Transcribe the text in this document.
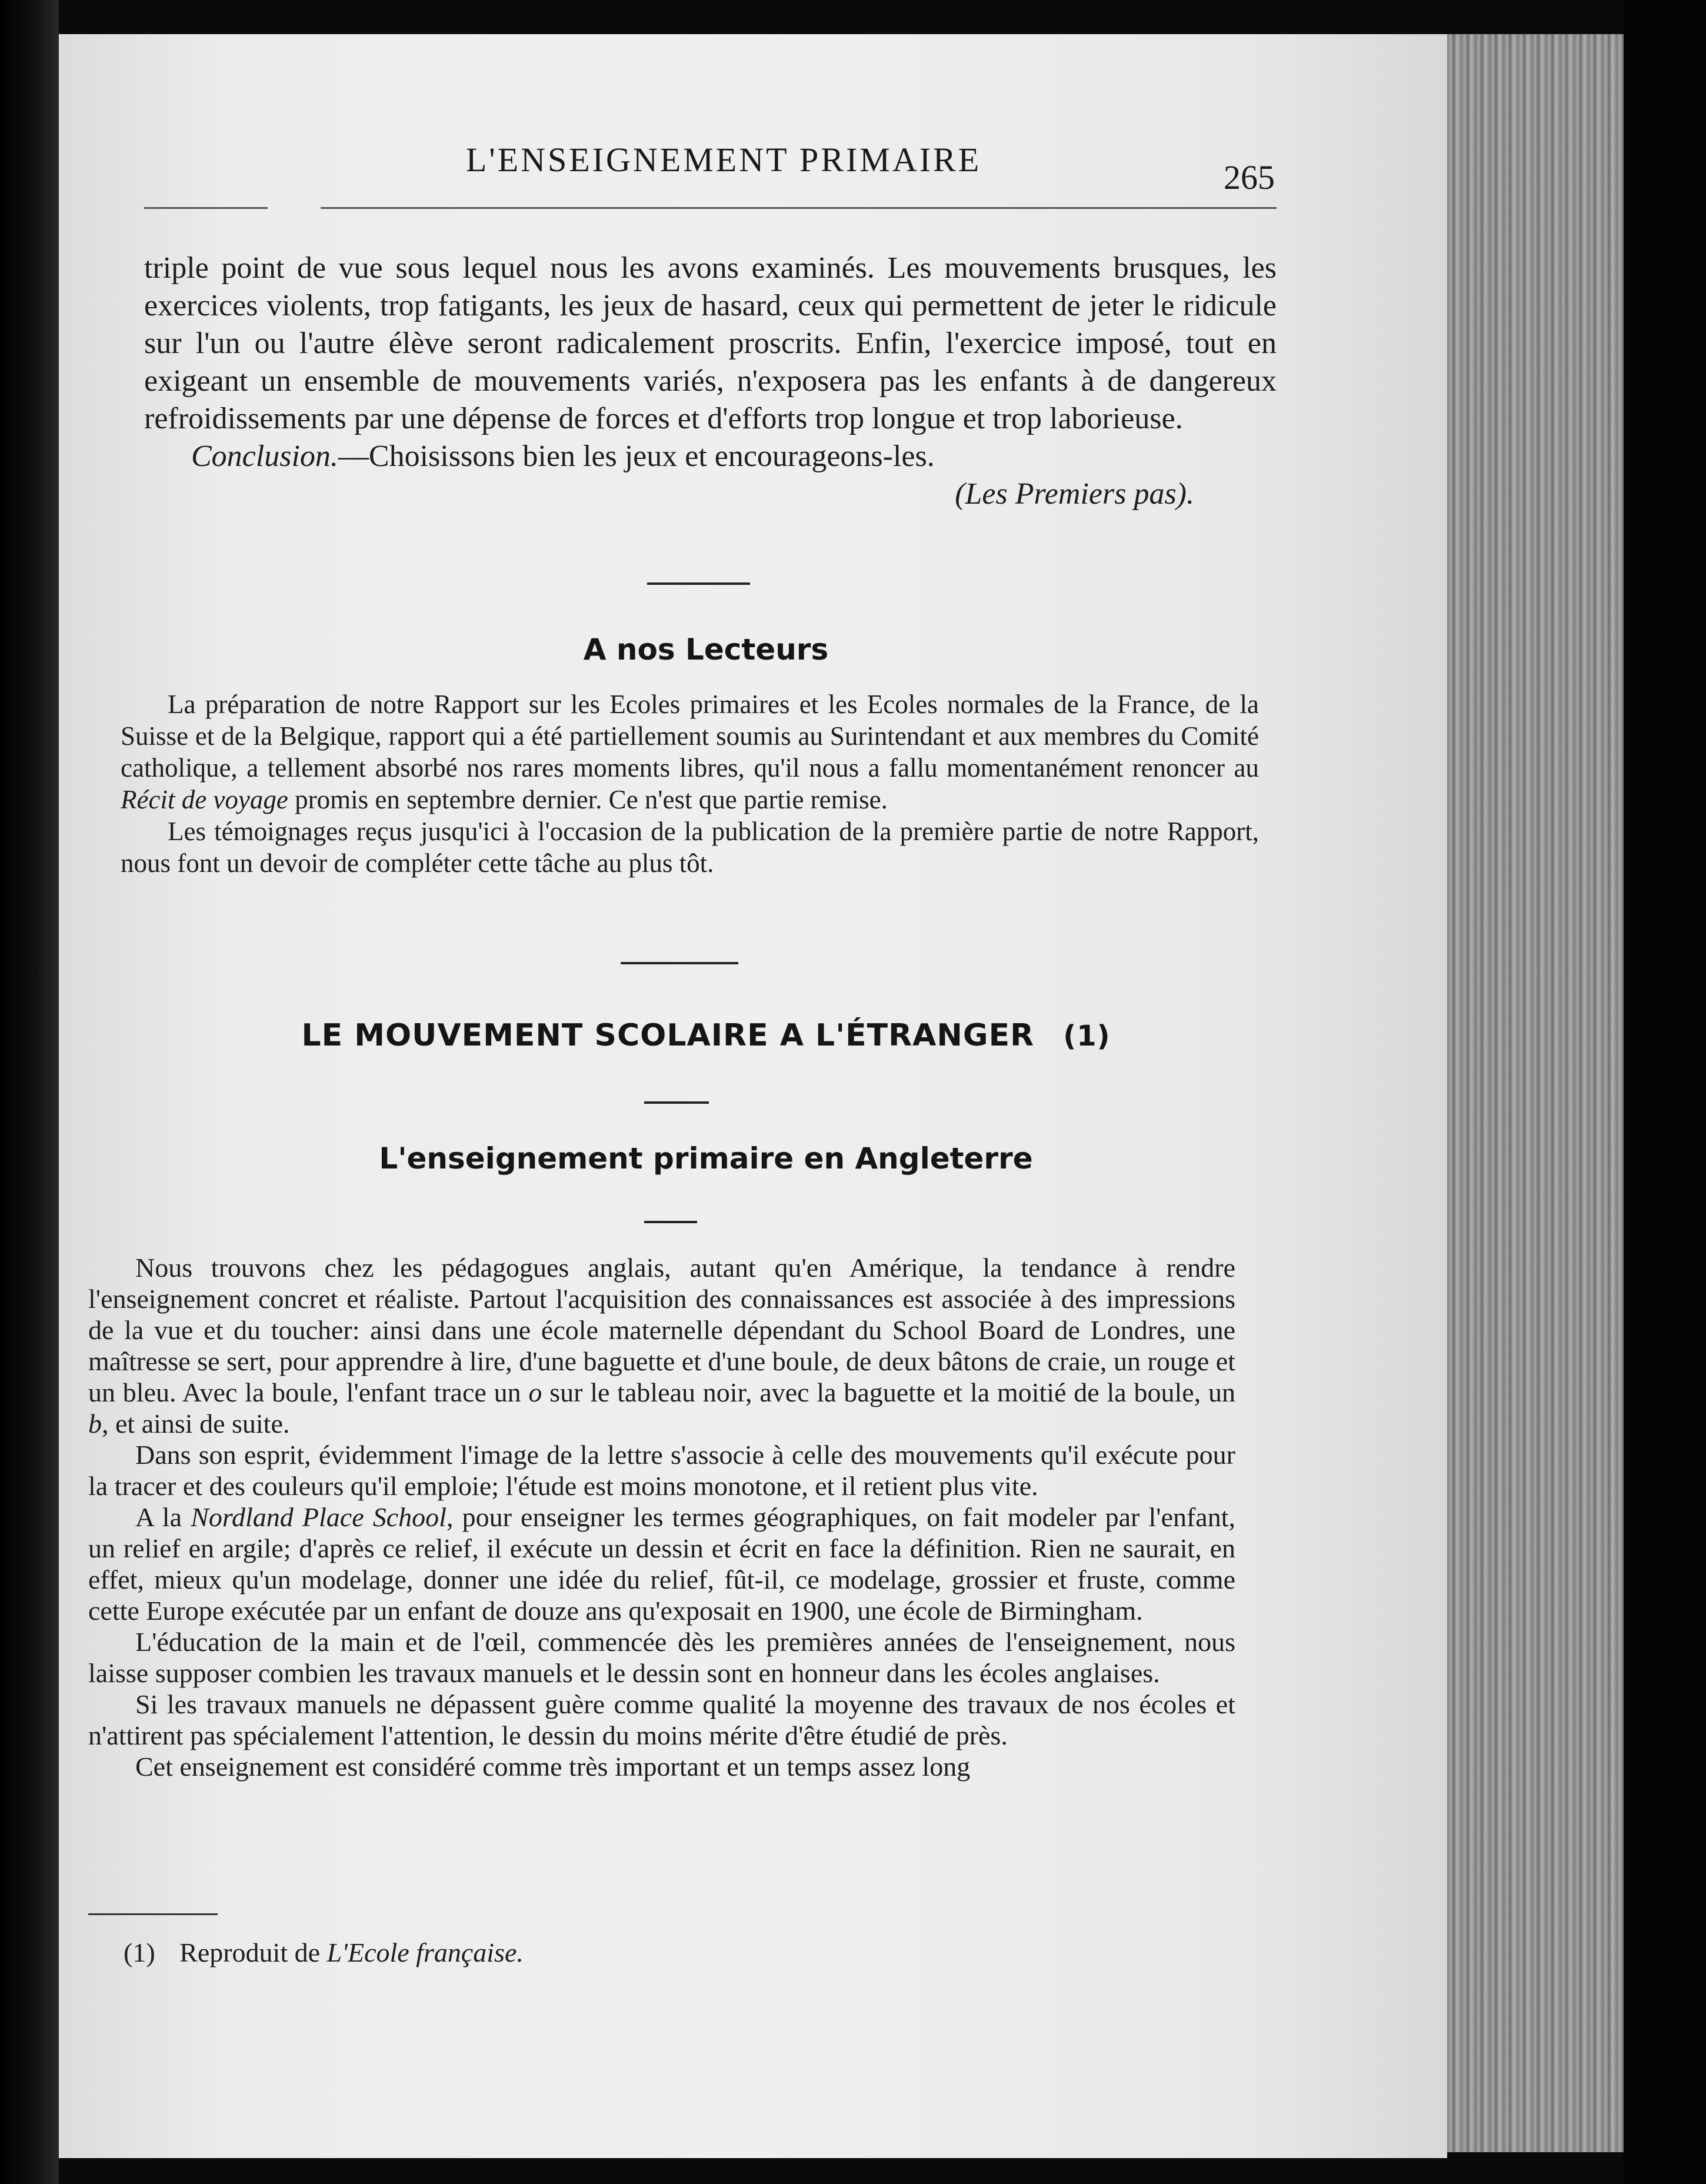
L'ENSEIGNEMENT PRIMAIRE	265

triple point de vue sous lequel nous les avons examinés. Les mouvements brusques, les exercices violents, trop fatigants, les jeux de hasard, ceux qui permettent de jeter le ridicule sur l'un ou l'autre élève seront radicalement proscrits. Enfin, l'exercice imposé, tout en exigeant un ensemble de mouvements variés, n'exposera pas les enfants à de dangereux refroidissements par une dépense de forces et d'efforts trop longue et trop laborieuse.

Conclusion.—Choisissons bien les jeux et encourageons-les.

(Les Premiers pas).

A nos Lecteurs

La préparation de notre Rapport sur les Ecoles primaires et les Ecoles normales de la France, de la Suisse et de la Belgique, rapport qui a été partiellement soumis au Surintendant et aux membres du Comité catholique, a tellement absorbé nos rares moments libres, qu'il nous a fallu momentanément renoncer au Récit de voyage promis en septembre dernier. Ce n'est que partie remise.

Les témoignages reçus jusqu'ici à l'occasion de la publication de la première partie de notre Rapport, nous font un devoir de compléter cette tâche au plus tôt.

LE MOUVEMENT SCOLAIRE A L'ÉTRANGER (1)
L'enseignement primaire en Angleterre

Nous trouvons chez les pédagogues anglais, autant qu'en Amérique, la tendance à rendre l'enseignement concret et réaliste. Partout l'acquisition des connaissances est associée à des impressions de la vue et du toucher: ainsi dans une école maternelle dépendant du School Board de Londres, une maîtresse se sert, pour apprendre à lire, d'une baguette et d'une boule, de deux bâtons de craie, un rouge et un bleu. Avec la boule, l'enfant trace un o sur le tableau noir, avec la baguette et la moitié de la boule, un b, et ainsi de suite.

Dans son esprit, évidemment l'image de la lettre s'associe à celle des mouvements qu'il exécute pour la tracer et des couleurs qu'il emploie; l'étude est moins monotone, et il retient plus vite.

A la Nordland Place School, pour enseigner les termes géographiques, on fait modeler par l'enfant, un relief en argile; d'après ce relief, il exécute un dessin et écrit en face la définition. Rien ne saurait, en effet, mieux qu'un modelage, donner une idée du relief, fût-il, ce modelage, grossier et fruste, comme cette Europe exécutée par un enfant de douze ans qu'exposait en 1900, une école de Birmingham.

L'éducation de la main et de l'œil, commencée dès les premières années de l'enseignement, nous laisse supposer combien les travaux manuels et le dessin sont en honneur dans les écoles anglaises.

Si les travaux manuels ne dépassent guère comme qualité la moyenne des travaux de nos écoles et n'attirent pas spécialement l'attention, le dessin du moins mérite d'être étudié de près.

Cet enseignement est considéré comme très important et un temps assez long

(1) Reproduit de L'Ecole française.
